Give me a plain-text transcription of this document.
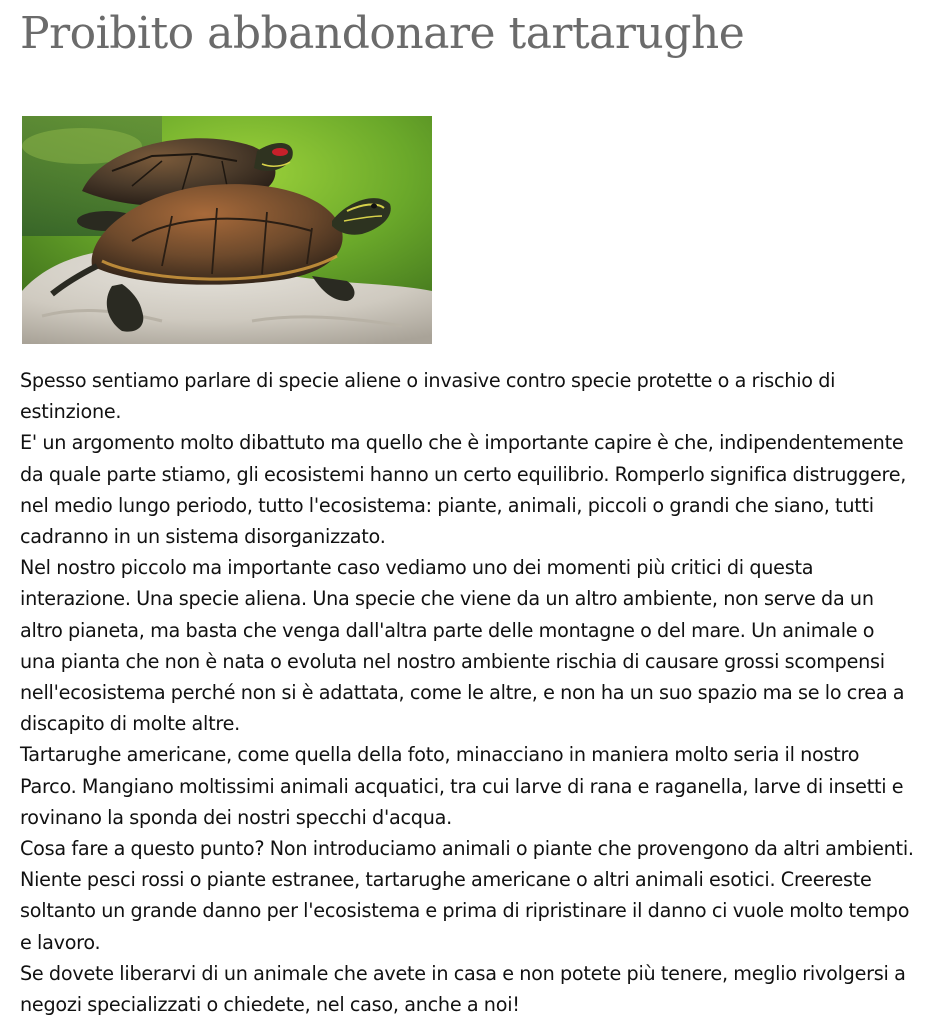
Proibito abbandonare tartarughe

Spesso sentiamo parlare di specie aliene o invasive contro specie protette o a rischio di estinzione.

E' un argomento molto dibattuto ma quello che è importante capire è che, indipendentemente da quale parte stiamo, gli ecosistemi hanno un certo equilibrio. Romperlo significa distruggere, nel medio lungo periodo, tutto l'ecosistema: piante, animali, piccoli o grandi che siano, tutti cadranno in un sistema disorganizzato.

Nel nostro piccolo ma importante caso vediamo uno dei momenti più critici di questa interazione. Una specie aliena. Una specie che viene da un altro ambiente, non serve da un altro pianeta, ma basta che venga dall'altra parte delle montagne o del mare. Un animale o una pianta che non è nata o evoluta nel nostro ambiente rischia di causare grossi scompensi nell'ecosistema perché non si è adattata, come le altre, e non ha un suo spazio ma se lo crea a discapito di molte altre.

Tartarughe americane, come quella della foto, minacciano in maniera molto seria il nostro Parco. Mangiano moltissimi animali acquatici, tra cui larve di rana e raganella, larve di insetti e rovinano la sponda dei nostri specchi d'acqua.

Cosa fare a questo punto? Non introduciamo animali o piante che provengono da altri ambienti. Niente pesci rossi o piante estranee, tartarughe americane o altri animali esotici. Creereste soltanto un grande danno per l'ecosistema e prima di ripristinare il danno ci vuole molto tempo e lavoro.

Se dovete liberarvi di un animale che avete in casa e non potete più tenere, meglio rivolgersi a negozi specializzati o chiedete, nel caso, anche a noi!
